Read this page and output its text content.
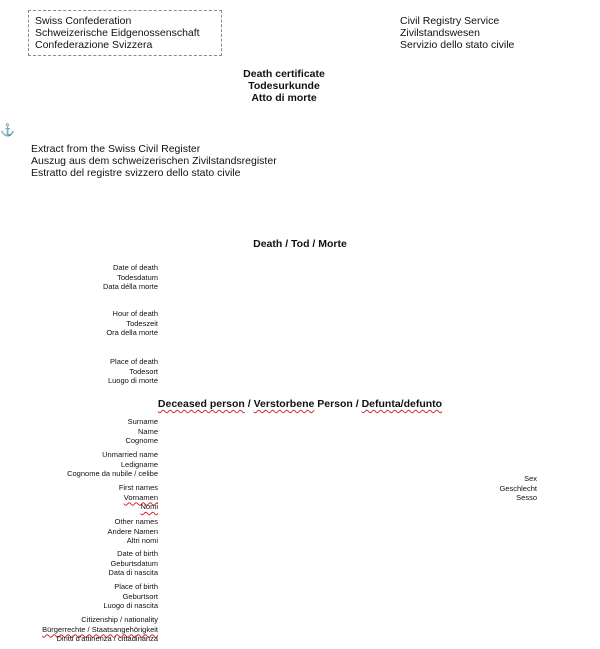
Swiss Confederation
Schweizerische Eidgenossenschaft
Confederazione Svizzera
Civil Registry Service
Zivilstandswesen
Servizio dello stato civile
Death certificate
Todesurkunde
Atto di morte
⚓
Extract from the Swiss Civil Register
Auszug aus dem schweizerischen Zivilstandsregister
Estratto del registre svizzero dello stato civile
Death / Tod / Morte
Date of death
Todesdatum
Data délla morte
Hour of death
Todeszeit
Ora della morte
Place of death
Todesort
Luogo di morte
Deceased person / Verstorbene Person / Defunta/defunto
Surname
Name
Cognome
Unmarried name
Ledigname
Cognome da nubile / celibe
First names
Vornamen
Nomi
Other names
Andere Namen
Altri nomi
Date of birth
Geburtsdatum
Data di nascita
Place of birth
Geburtsort
Luogo di nascita
Citizenship / nationality
Bürgerrechte / Staatsangehörigkeit
Diritti d'attinenza / cittadinanza
Sex
Geschlecht
Sesso
